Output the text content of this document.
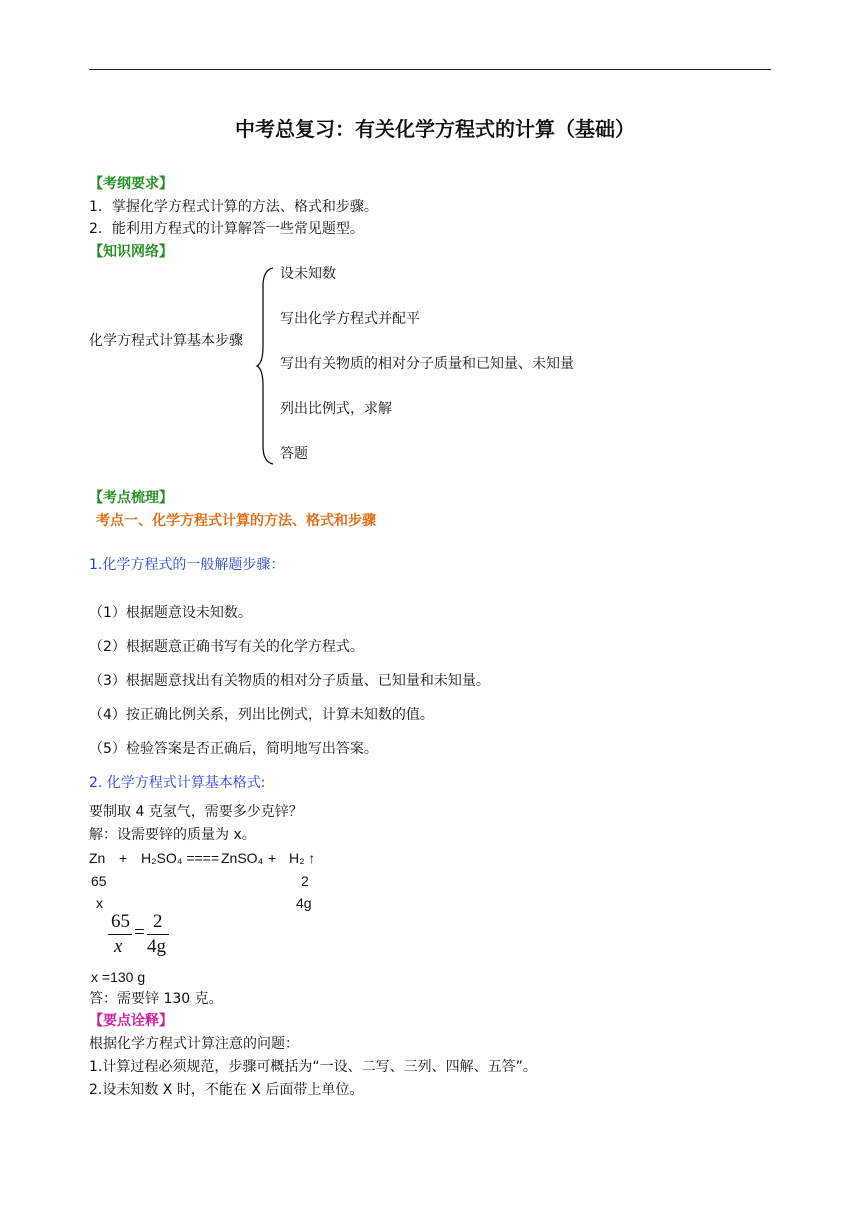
中考总复习：有关化学方程式的计算（基础）
【考纲要求】
1．掌握化学方程式计算的方法、格式和步骤。
2．能利用方程式的计算解答一些常见题型。
【知识网络】
化学方程式计算基本步骤
设未知数
写出化学方程式并配平
写出有关物质的相对分子质量和已知量、未知量
列出比例式，求解
答题
【考点梳理】
考点一、化学方程式计算的方法、格式和步骤
1.化学方程式的一般解题步骤：
（1）根据题意设未知数。
（2）根据题意正确书写有关的化学方程式。
（3）根据题意找出有关物质的相对分子质量、已知量和未知量。
（4）按正确比例关系，列出比例式，计算未知数的值。
（5）检验答案是否正确后，简明地写出答案。
2. 化学方程式计算基本格式:
要制取 4 克氢气，需要多少克锌？
解：设需要锌的质量为 x。
Zn + H₂SO₄ ==== ZnSO₄ + H₂ ↑
65	2
x	4g
65
x
=
2
4g
x =130 g
答：需要锌 130 克。
【要点诠释】
根据化学方程式计算注意的问题：
1.计算过程必须规范，步骤可概括为“一设、二写、三列、四解、五答”。
2.设未知数 X 时，不能在 X 后面带上单位。
